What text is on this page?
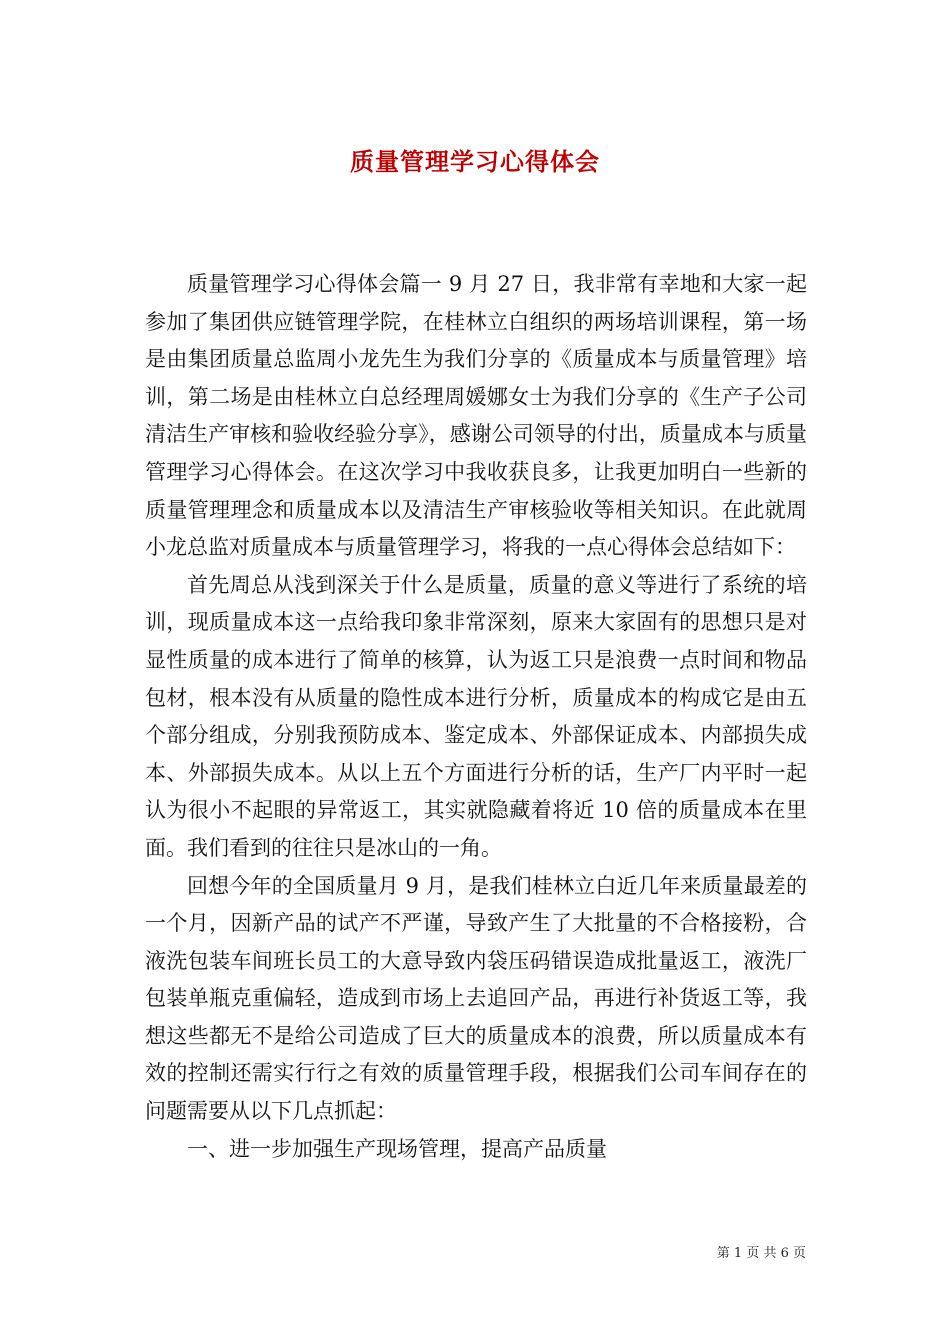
质量管理学习心得体会

质量管理学习心得体会篇一 9 月 27 日，我非常有幸地和大家一起参加了集团供应链管理学院，在桂林立白组织的两场培训课程，第一场是由集团质量总监周小龙先生为我们分享的《质量成本与质量管理》培训，第二场是由桂林立白总经理周媛娜女士为我们分享的《生产子公司清洁生产审核和验收经验分享》，感谢公司领导的付出，质量成本与质量管理学习心得体会。在这次学习中我收获良多，让我更加明白一些新的质量管理理念和质量成本以及清洁生产审核验收等相关知识。在此就周小龙总监对质量成本与质量管理学习，将我的一点心得体会总结如下：

首先周总从浅到深关于什么是质量，质量的意义等进行了系统的培训，现质量成本这一点给我印象非常深刻，原来大家固有的思想只是对显性质量的成本进行了简单的核算，认为返工只是浪费一点时间和物品包材，根本没有从质量的隐性成本进行分析，质量成本的构成它是由五个部分组成，分别我预防成本、鉴定成本、外部保证成本、内部损失成本、外部损失成本。从以上五个方面进行分析的话，生产厂内平时一起认为很小不起眼的异常返工，其实就隐藏着将近 10 倍的质量成本在里面。我们看到的往往只是冰山的一角。

回想今年的全国质量月 9 月，是我们桂林立白近几年来质量最差的一个月，因新产品的试产不严谨，导致产生了大批量的不合格接粉，合液洗包装车间班长员工的大意导致内袋压码错误造成批量返工，液洗厂包装单瓶克重偏轻，造成到市场上去追回产品，再进行补货返工等，我想这些都无不是给公司造成了巨大的质量成本的浪费，所以质量成本有效的控制还需实行行之有效的质量管理手段，根据我们公司车间存在的问题需要从以下几点抓起：

一、进一步加强生产现场管理，提高产品质量

第 1 页 共 6 页
